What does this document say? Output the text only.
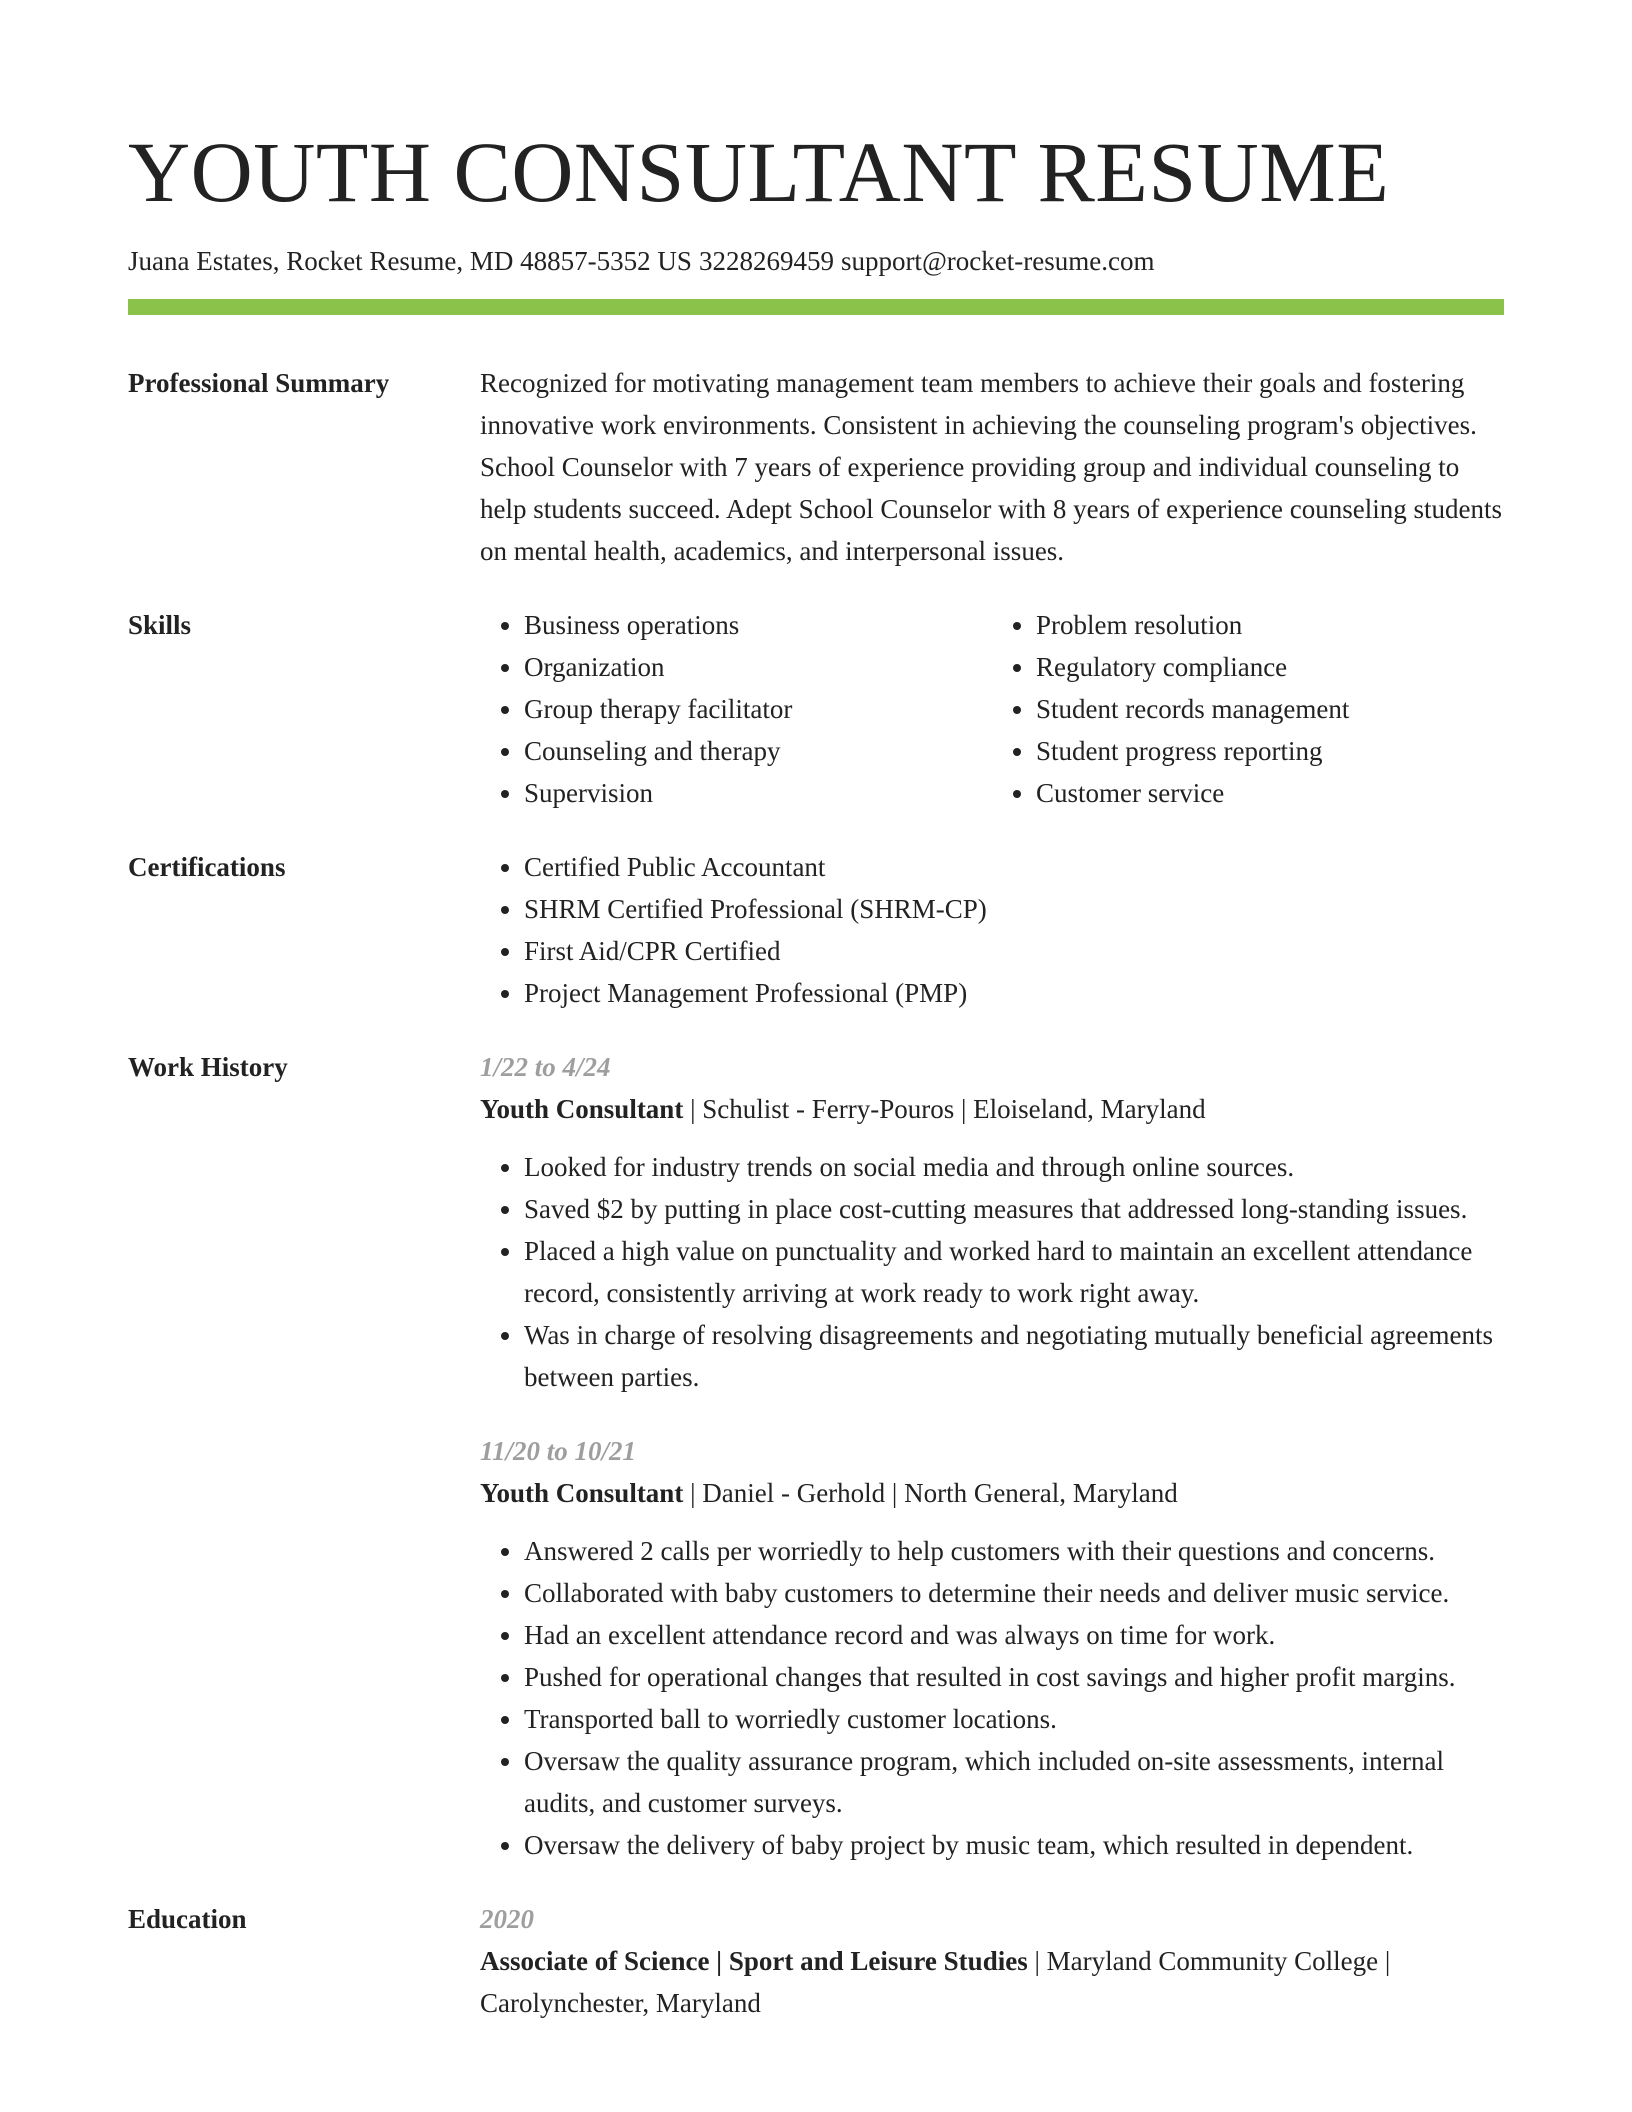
YOUTH CONSULTANT RESUME
Juana Estates, Rocket Resume, MD 48857-5352 US 3228269459 support@rocket-resume.com
Professional Summary	Recognized for motivating management team members to achieve their goals and fostering innovative work environments. Consistent in achieving the counseling program's objectives. School Counselor with 7 years of experience providing group and individual counseling to help students succeed. Adept School Counselor with 8 years of experience counseling students on mental health, academics, and interpersonal issues.

Skills	• Business operations
• Organization
• Group therapy facilitator
• Counseling and therapy
• Supervision
• Problem resolution
• Regulatory compliance
• Student records management
• Student progress reporting
• Customer service
Certifications	• Certified Public Accountant
• SHRM Certified Professional (SHRM-CP)
• First Aid/CPR Certified
• Project Management Professional (PMP)
Work History	1/22 to 4/24
Youth Consultant | Schulist - Ferry-Pouros | Eloiseland, Maryland
• Looked for industry trends on social media and through online sources.
• Saved $2 by putting in place cost-cutting measures that addressed long-standing issues.
• Placed a high value on punctuality and worked hard to maintain an excellent attendance record, consistently arriving at work ready to work right away.
• Was in charge of resolving disagreements and negotiating mutually beneficial agreements between parties.
11/20 to 10/21
Youth Consultant | Daniel - Gerhold | North General, Maryland
• Answered 2 calls per worriedly to help customers with their questions and concerns.
• Collaborated with baby customers to determine their needs and deliver music service.
• Had an excellent attendance record and was always on time for work.
• Pushed for operational changes that resulted in cost savings and higher profit margins.
• Transported ball to worriedly customer locations.
• Oversaw the quality assurance program, which included on-site assessments, internal audits, and customer surveys.
• Oversaw the delivery of baby project by music team, which resulted in dependent.
Education	2020
Associate of Science | Sport and Leisure Studies | Maryland Community College | Carolynchester, Maryland
